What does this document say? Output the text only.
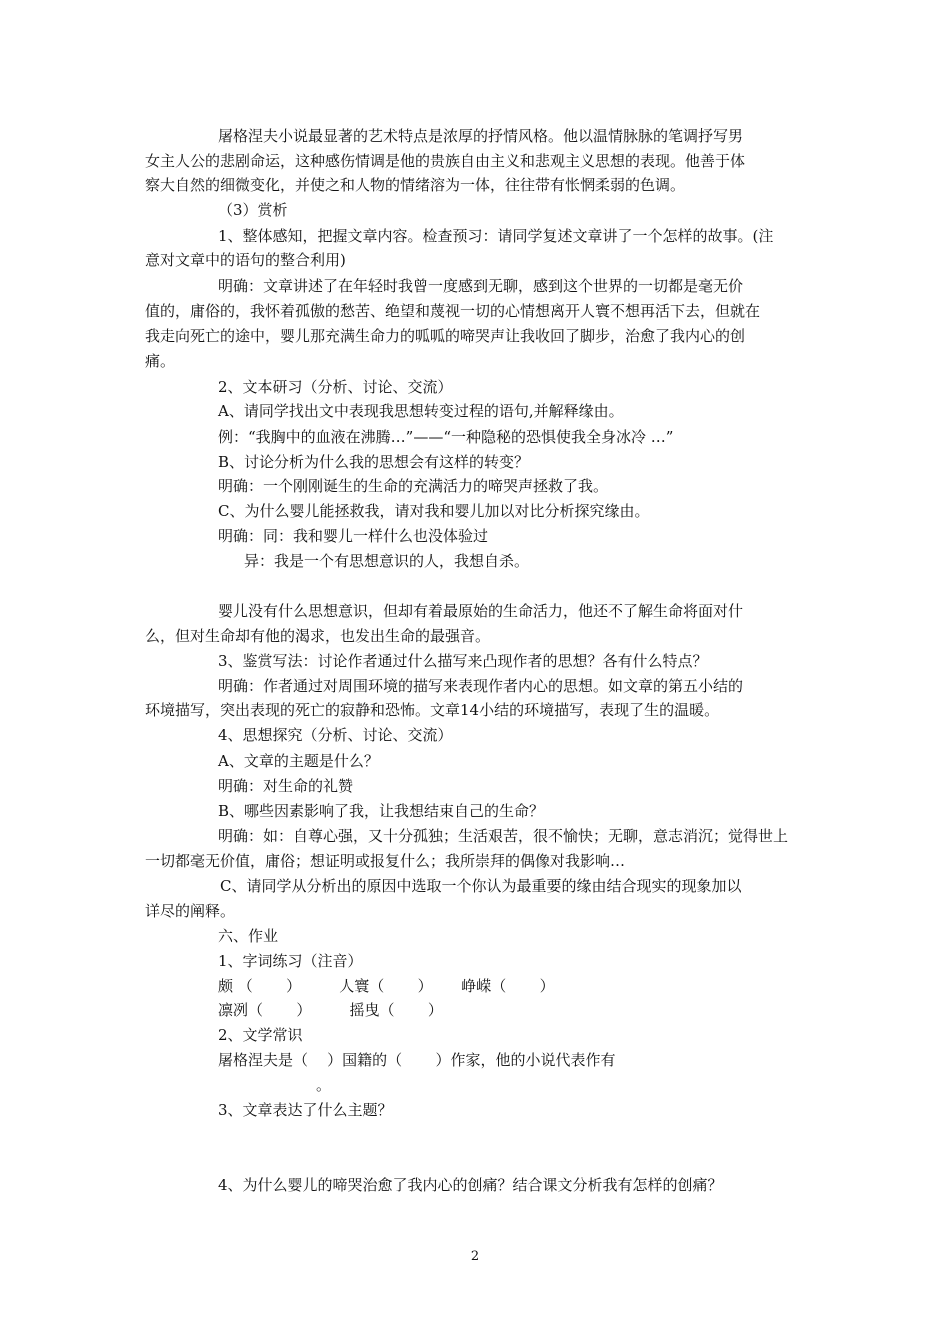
屠格涅夫小说最显著的艺术特点是浓厚的抒情风格。他以温情脉脉的笔调抒写男
女主人公的悲剧命运，这种感伤情调是他的贵族自由主义和悲观主义思想的表现。他善于体
察大自然的细微变化，并使之和人物的情绪溶为一体，往往带有怅惘柔弱的色调。
（3）赏析
1、整体感知，把握文章内容。检查预习：请同学复述文章讲了一个怎样的故事。(注
意对文章中的语句的整合利用)
明确：文章讲述了在年轻时我曾一度感到无聊，感到这个世界的一切都是毫无价
值的，庸俗的，我怀着孤傲的愁苦、绝望和蔑视一切的心情想离开人寰不想再活下去，但就在
我走向死亡的途中，婴儿那充满生命力的呱呱的啼哭声让我收回了脚步，治愈了我内心的创
痛。
2、文本研习（分析、讨论、交流）
A、请同学找出文中表现我思想转变过程的语句,并解释缘由。
例：“我胸中的血液在沸腾…”——“一种隐秘的恐惧使我全身冰冷 …”
B、讨论分析为什么我的思想会有这样的转变？
明确：一个刚刚诞生的生命的充满活力的啼哭声拯救了我。
C、为什么婴儿能拯救我，请对我和婴儿加以对比分析探究缘由。
明确：同：我和婴儿一样什么也没体验过
异：我是一个有思想意识的人，我想自杀。
婴儿没有什么思想意识，但却有着最原始的生命活力，他还不了解生命将面对什
么，但对生命却有他的渴求，也发出生命的最强音。
3、鉴赏写法：讨论作者通过什么描写来凸现作者的思想？各有什么特点？
明确：作者通过对周围环境的描写来表现作者内心的思想。如文章的第五小结的
环境描写，突出表现的死亡的寂静和恐怖。文章14小结的环境描写，表现了生的温暖。
4、思想探究（分析、讨论、交流）
A、文章的主题是什么？
明确：对生命的礼赞
B、哪些因素影响了我，让我想结束自己的生命？
明确：如：自尊心强，又十分孤独；生活艰苦，很不愉快；无聊，意志消沉；觉得世上
一切都毫无价值，庸俗；想证明或报复什么；我所崇拜的偶像对我影响…
C、请同学从分析出的原因中选取一个你认为最重要的缘由结合现实的现象加以
详尽的阐释。
六、作业
1、字词练习（注音）
颇 （       ）        人寰（       ）      峥嵘（       ）
凛冽（       ）        摇曳（       ）
2、文学常识
屠格涅夫是（    ）国籍的（       ）作家，他的小说代表作有
。
3、文章表达了什么主题？
4、为什么婴儿的啼哭治愈了我内心的创痛？结合课文分析我有怎样的创痛？
2
